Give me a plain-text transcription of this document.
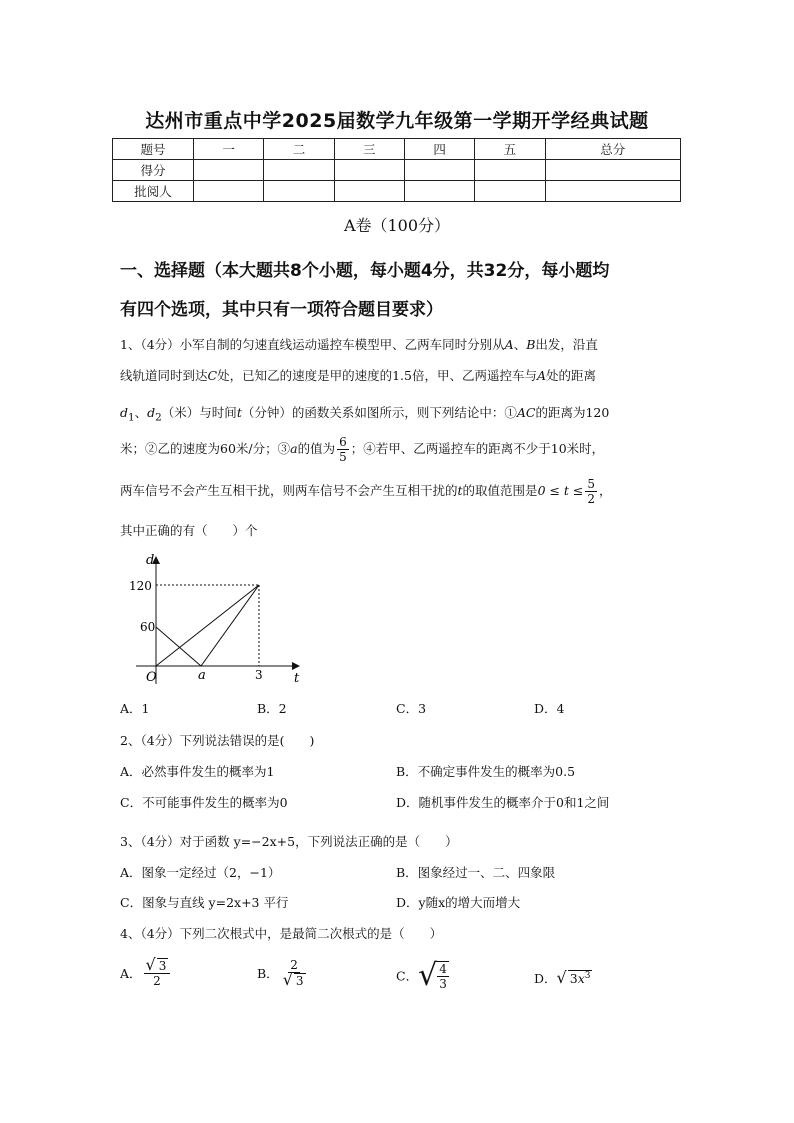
达州市重点中学2025届数学九年级第一学期开学经典试题
题号	一	二	三	四	五	总分
得分						
批阅人						
A卷（100分）
一、选择题（本大题共8个小题，每小题4分，共32分，每小题均
有四个选项，其中只有一项符合题目要求）
1、（4分）小军自制的匀速直线运动遥控车模型甲、乙两车同时分别从A、B出发，沿直
线轨道同时到达C处，已知乙的速度是甲的速度的1.5倍，甲、乙两遥控车与A处的距离
$d_1$、$d_2$（米）与时间t（分钟）的函数关系如图所示，则下列结论中：①AC的距离为120
米；②乙的速度为60米/分；③a的值为 $\frac{6}{5}$ ；④若甲、乙两遥控车的距离不少于10米时，
两车信号不会产生互相干扰，则两车信号不会产生互相干扰的t的取值范围是$0 \le t \le \frac{5}{2}$ ，
其中正确的有（　　）个
d
t
O
120
60
a	3
A．1	B．2	C．3	D．4
2、（4分）下列说法错误的是(　　)
A．必然事件发生的概率为1	B．不确定事件发生的概率为0.5
C．不可能事件发生的概率为0	D．随机事件发生的概率介于0和1之间
3、（4分）对于函数 y=−2x+5，下列说法正确的是（　　）
A．图象一定经过（2，−1）	B．图象经过一、二、四象限
C．图象与直线 y=2x+3 平行	D．y随x的增大而增大
4、（4分）下列二次根式中，是最简二次根式的是（　　）
A． $\frac{√ 3}{2}$	B． $\frac{2}{√ 3}$	C．√ $\frac{4}{3}$	D．√ $3x^3$
